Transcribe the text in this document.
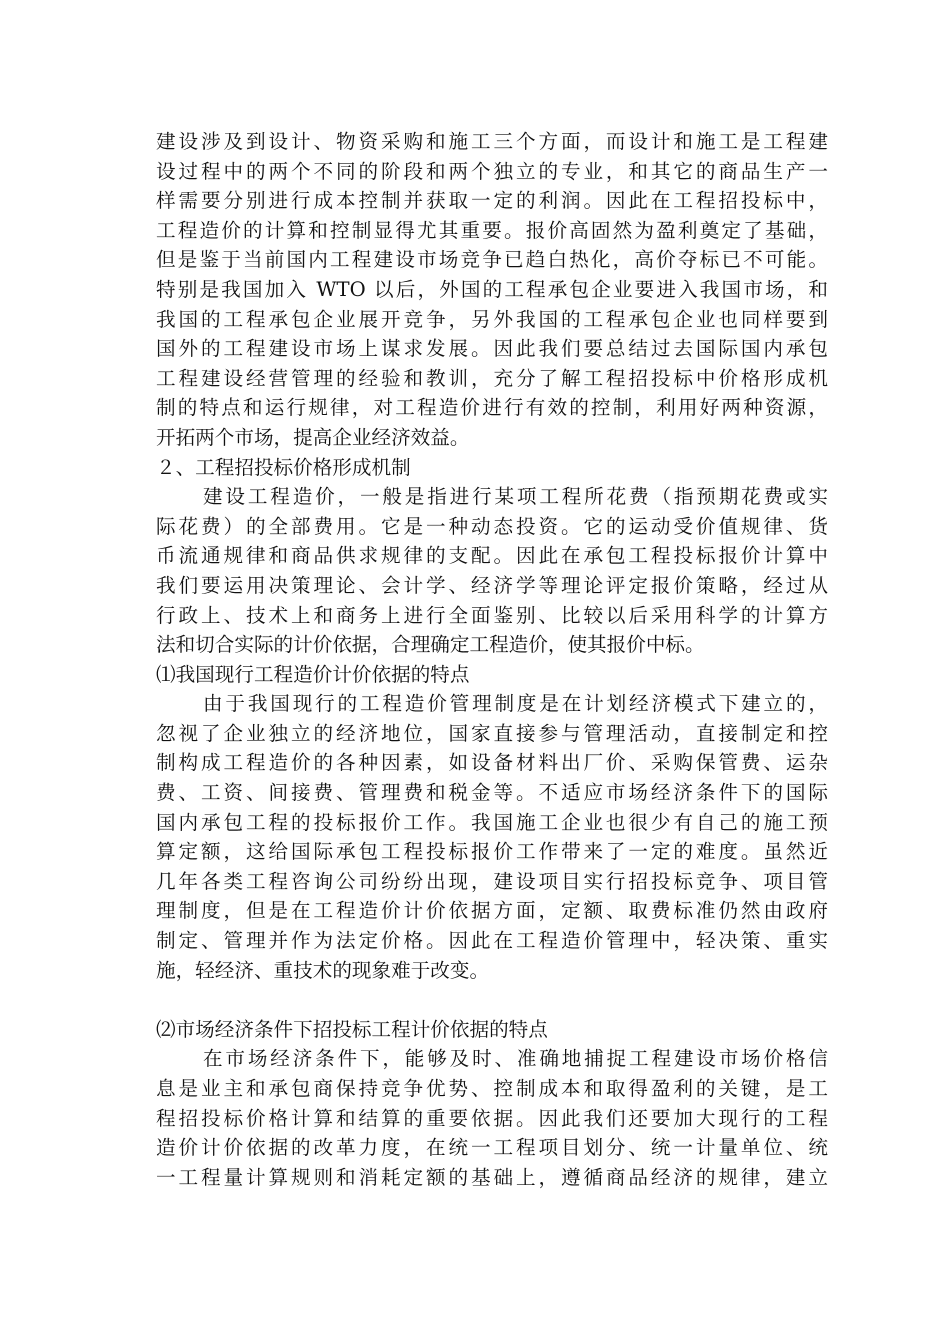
建设涉及到设计、物资采购和施工三个方面，而设计和施工是工程建
设过程中的两个不同的阶段和两个独立的专业，和其它的商品生产一
样需要分别进行成本控制并获取一定的利润。因此在工程招投标中，
工程造价的计算和控制显得尤其重要。报价高固然为盈利奠定了基础，
但是鉴于当前国内工程建设市场竞争已趋白热化，高价夺标已不可能。
特别是我国加入 WTO 以后，外国的工程承包企业要进入我国市场，和
我国的工程承包企业展开竞争，另外我国的工程承包企业也同样要到
国外的工程建设市场上谋求发展。因此我们要总结过去国际国内承包
工程建设经营管理的经验和教训，充分了解工程招投标中价格形成机
制的特点和运行规律，对工程造价进行有效的控制，利用好两种资源，
开拓两个市场，提高企业经济效益。
２、工程招投标价格形成机制
建设工程造价，一般是指进行某项工程所花费（指预期花费或实
际花费）的全部费用。它是一种动态投资。它的运动受价值规律、货
币流通规律和商品供求规律的支配。因此在承包工程投标报价计算中
我们要运用决策理论、会计学、经济学等理论评定报价策略，经过从
行政上、技术上和商务上进行全面鉴别、比较以后采用科学的计算方
法和切合实际的计价依据，合理确定工程造价，使其报价中标。
⑴我国现行工程造价计价依据的特点
由于我国现行的工程造价管理制度是在计划经济模式下建立的，
忽视了企业独立的经济地位，国家直接参与管理活动，直接制定和控
制构成工程造价的各种因素，如设备材料出厂价、采购保管费、运杂
费、工资、间接费、管理费和税金等。不适应市场经济条件下的国际
国内承包工程的投标报价工作。我国施工企业也很少有自己的施工预
算定额，这给国际承包工程投标报价工作带来了一定的难度。虽然近
几年各类工程咨询公司纷纷出现，建设项目实行招投标竞争、项目管
理制度，但是在工程造价计价依据方面，定额、取费标准仍然由政府
制定、管理并作为法定价格。因此在工程造价管理中，轻决策、重实
施，轻经济、重技术的现象难于改变。
⑵市场经济条件下招投标工程计价依据的特点
在市场经济条件下，能够及时、准确地捕捉工程建设市场价格信
息是业主和承包商保持竞争优势、控制成本和取得盈利的关键，是工
程招投标价格计算和结算的重要依据。因此我们还要加大现行的工程
造价计价依据的改革力度，在统一工程项目划分、统一计量单位、统
一工程量计算规则和消耗定额的基础上，遵循商品经济的规律，建立
